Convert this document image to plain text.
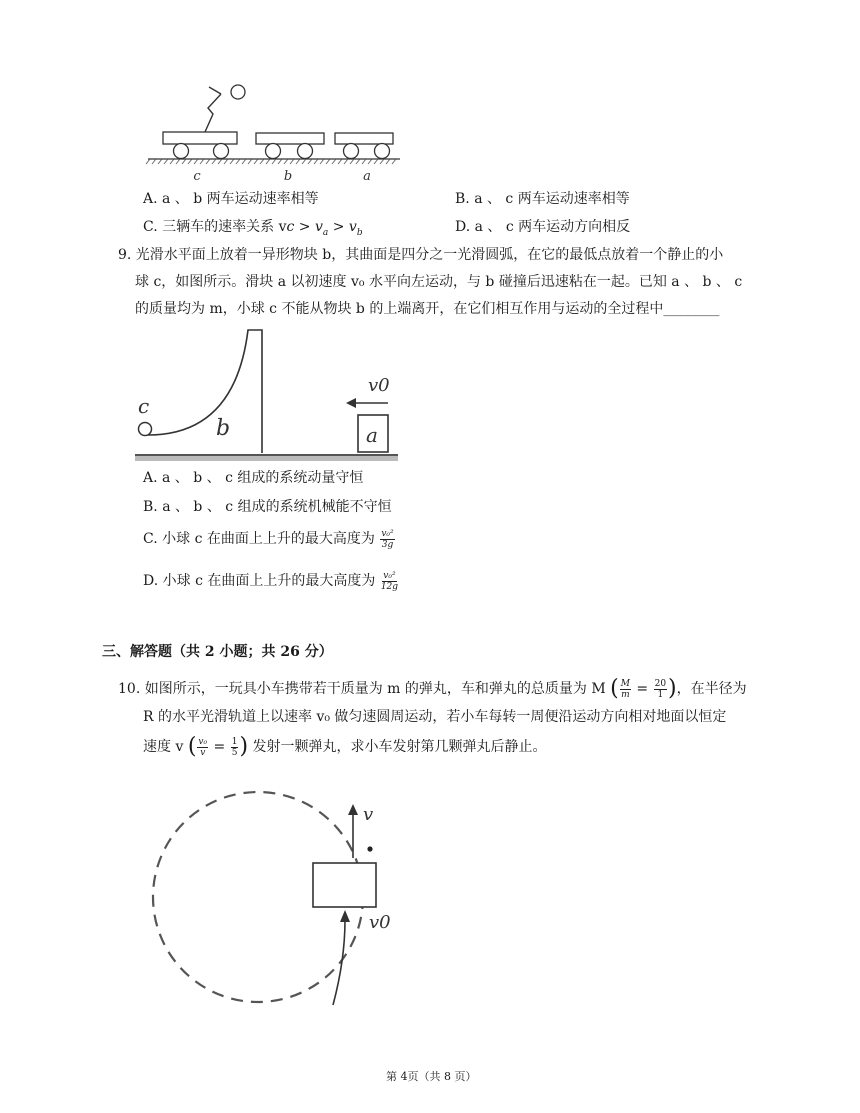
c	b	a
A. a 、 b 两车运动速率相等	B. a 、 c 两车运动速率相等
C. 三辆车的速率关系 vc > $v_a > v_b$	D. a 、 c 两车运动方向相反
9. 光滑水平面上放着一异形物块 b，其曲面是四分之一光滑圆弧，在它的最低点放着一个静止的小
球 c，如图所示。滑块 a 以初速度 v₀ 水平向左运动，与 b 碰撞后迅速粘在一起。已知 a 、 b 、 c
的质量均为 m，小球 c 不能从物块 b 的上端离开，在它们相互作用与运动的全过程中________
c
b	a
v0
A. a 、 b 、 c 组成的系统动量守恒
B. a 、 b 、 c 组成的系统机械能不守恒
C. 小球 c 在曲面上上升的最大高度为 $\frac{\text{v₀²}}{3g}$
D. 小球 c 在曲面上上升的最大高度为 $\frac{\text{v₀²}}{12g}$
三、解答题（共 2 小题；共 26 分）
10. 如图所示，一玩具小车携带若干质量为 m 的弹丸，车和弹丸的总质量为 M ( $\frac{M}{m} = \frac{20}{1}$ )，在半径为
R 的水平光滑轨道上以速率 v₀ 做匀速圆周运动，若小车每转一周便沿运动方向相对地面以恒定
速度 v ( $\frac{\text{v₀}}{v} = \frac{1}{5}$ ) 发射一颗弹丸，求小车发射第几颗弹丸后静止。
v
v0
第 4页（共 8 页）
